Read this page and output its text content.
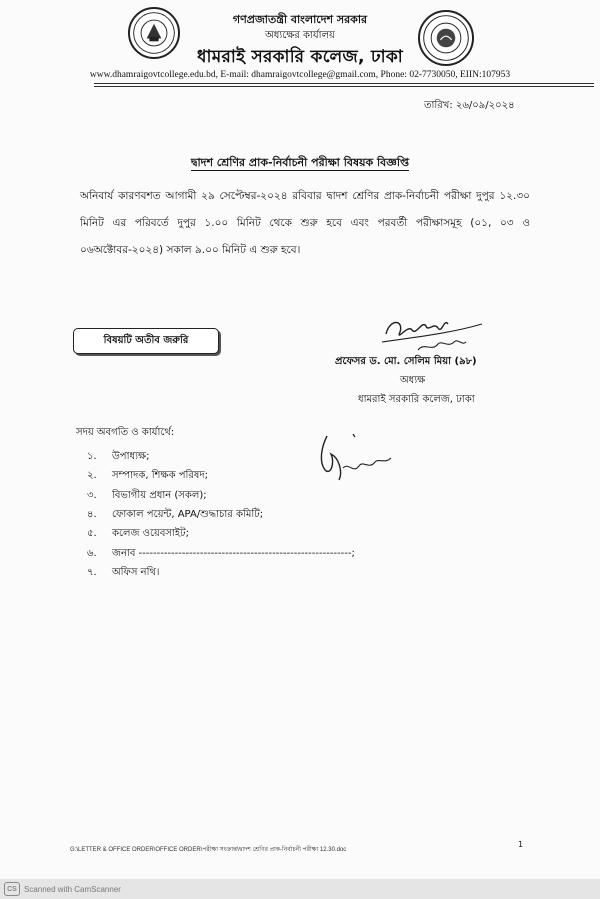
গণপ্রজাতন্ত্রী বাংলাদেশ সরকার
অধ্যক্ষের কার্যালয়
ধামরাই সরকারি কলেজ, ঢাকা
www.dhamraigovtcollege.edu.bd, E-mail: dhamraigovtcollege@gmail.com, Phone: 02-7730050, EIIN:107953
তারিখ: ২৬/০৯/২০২৪
দ্বাদশ শ্রেণির প্রাক-নির্বাচনী পরীক্ষা বিষয়ক বিজ্ঞপ্তি
অনিবার্য কারণবশত আগামী ২৯ সেপ্টেম্বর-২০২৪ রবিবার দ্বাদশ শ্রেণির প্রাক-নির্বাচনী পরীক্ষা দুপুর ১২.৩০ মিনিট এর পরিবর্তে দুপুর ১.০০ মিনিট থেকে শুরু হবে এবং পরবর্তী পরীক্ষাসমূহ (০১, ০৩ ও ০৬অক্টোবর-২০২৪) সকাল ৯.০০ মিনিট এ শুরু হবে।
বিষয়টি অতীব জরুরি
প্রফেসর ড. মো. সেলিম মিয়া (৯৮)
অধ্যক্ষ
ধামরাই সরকারি কলেজ, ঢাকা
সদয় অবগতি ও কার্যার্থে:
১.	উপাধ্যক্ষ;
২.	সম্পাদক, শিক্ষক পরিষদ;
৩.	বিভাগীয় প্রধান (সকল);
৪.	ফোকাল পয়েন্ট, APA/শুদ্ধাচার কমিটি;
৫.	কলেজ ওয়েবসাইট;
৬.	জনাব -----------------------------------------------------------;
৭.	অফিস নথি।
G:\LETTER & OFFICE ORDER\OFFICE ORDER\পরীক্ষা সংক্রান্ত\দ্বাদশ শ্রেণির প্রাক-নির্বাচনী পরীক্ষা 12.30.doc
1
CS Scanned with CamScanner
